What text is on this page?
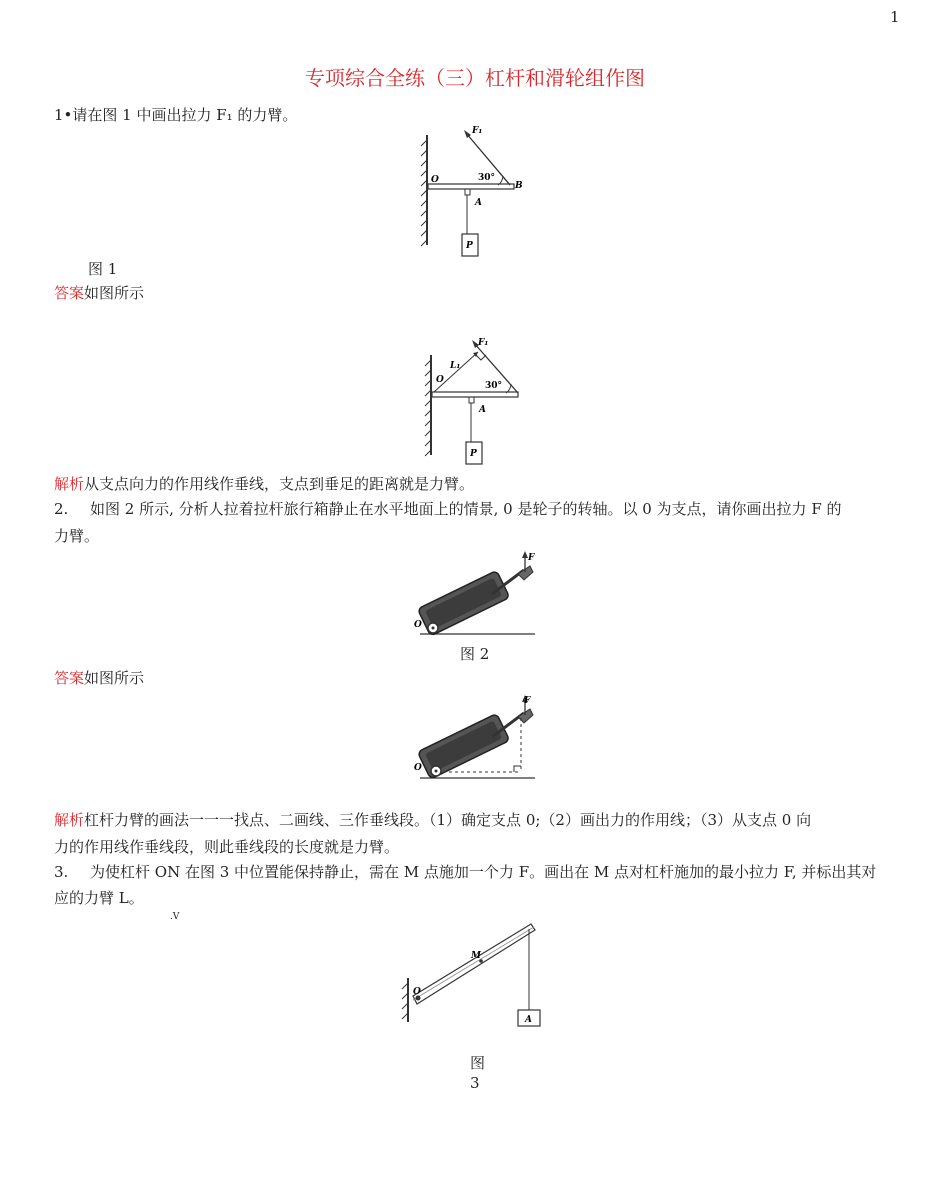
1
专项综合全练（三）杠杆和滑轮组作图
1•请在图 1 中画出拉力 F₁ 的力臂。
F₁
30°
O
B
A
P
图 1
答案如图所示
F₁
L₁
30°
O
A
P
解析从支点向力的作用线作垂线，支点到垂足的距离就是力臂。
2. 如图 2 所示, 分析人拉着拉杆旅行箱静止在水平地面上的情景, 0 是轮子的转轴。以 0 为支点，请你画出拉力 F 的
力臂。
F
O
图 2
答案如图所示
F
O
解析杠杆力臂的画法一一一找点、二画线、三作垂线段。（1）确定支点 0;（2）画出力的作用线；（3）从支点 0 向
力的作用线作垂线段，则此垂线段的长度就是力臂。
3. 为使杠杆 ON 在图 3 中位置能保持静止，需在 M 点施加一个力 F。画出在 M 点对杠杆施加的最小拉力 F, 并标出其对
应的力臂 L。
.V
O
M
A
图
3
